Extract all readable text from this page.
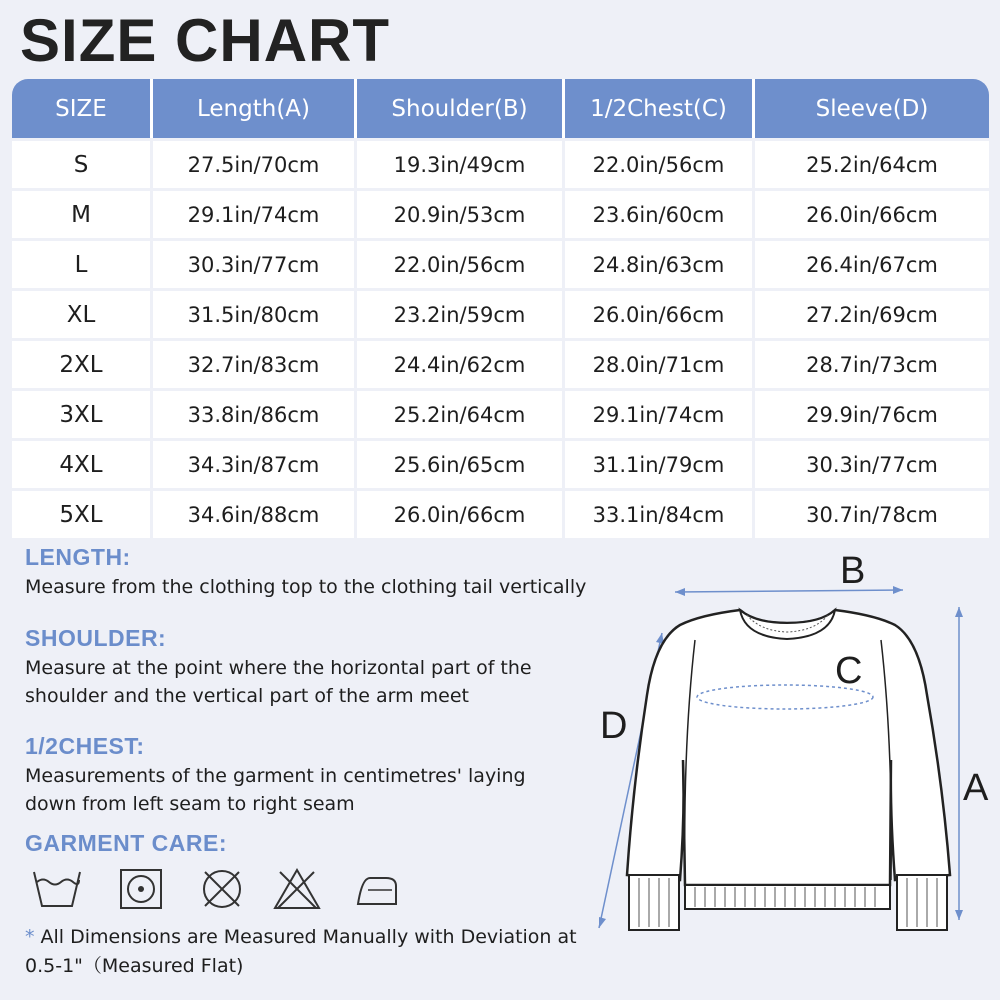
SIZE CHART
SIZE	Length(A)	Shoulder(B)	1/2Chest(C)	Sleeve(D)
S	27.5in/70cm	19.3in/49cm	22.0in/56cm	25.2in/64cm
M	29.1in/74cm	20.9in/53cm	23.6in/60cm	26.0in/66cm
L	30.3in/77cm	22.0in/56cm	24.8in/63cm	26.4in/67cm
XL	31.5in/80cm	23.2in/59cm	26.0in/66cm	27.2in/69cm
2XL	32.7in/83cm	24.4in/62cm	28.0in/71cm	28.7in/73cm
3XL	33.8in/86cm	25.2in/64cm	29.1in/74cm	29.9in/76cm
4XL	34.3in/87cm	25.6in/65cm	31.1in/79cm	30.3in/77cm
5XL	34.6in/88cm	26.0in/66cm	33.1in/84cm	30.7in/78cm

LENGTH:

Measure from the clothing top to the clothing tail vertically

SHOULDER:

Measure at the point where the horizontal part of the shoulder and the vertical part of the arm meet

1/2CHEST:

Measurements of the garment in centimetres' laying down from left seam to right seam

GARMENT CARE:

* All Dimensions are Measured Manually with Deviation at 0.5-1"（Measured Flat)
B
C
D
A
